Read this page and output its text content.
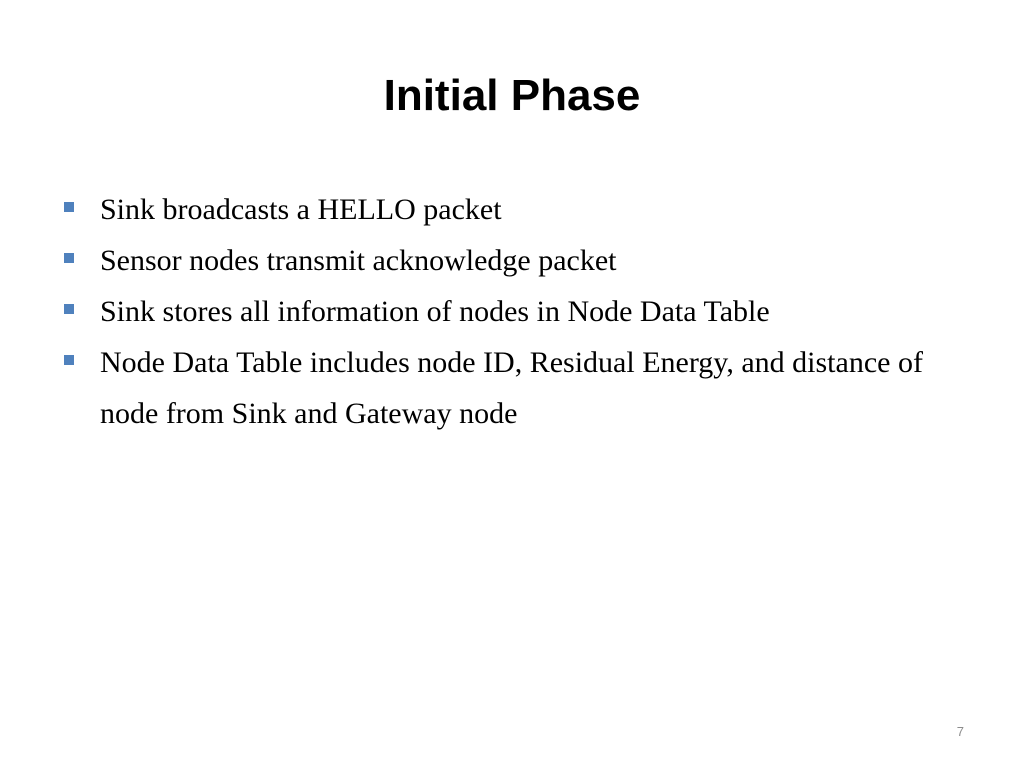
Initial Phase
Sink broadcasts a HELLO packet
Sensor nodes transmit acknowledge packet
Sink stores all information of nodes in Node Data Table
Node Data Table includes node ID, Residual Energy, and distance of node from Sink and Gateway node
7
